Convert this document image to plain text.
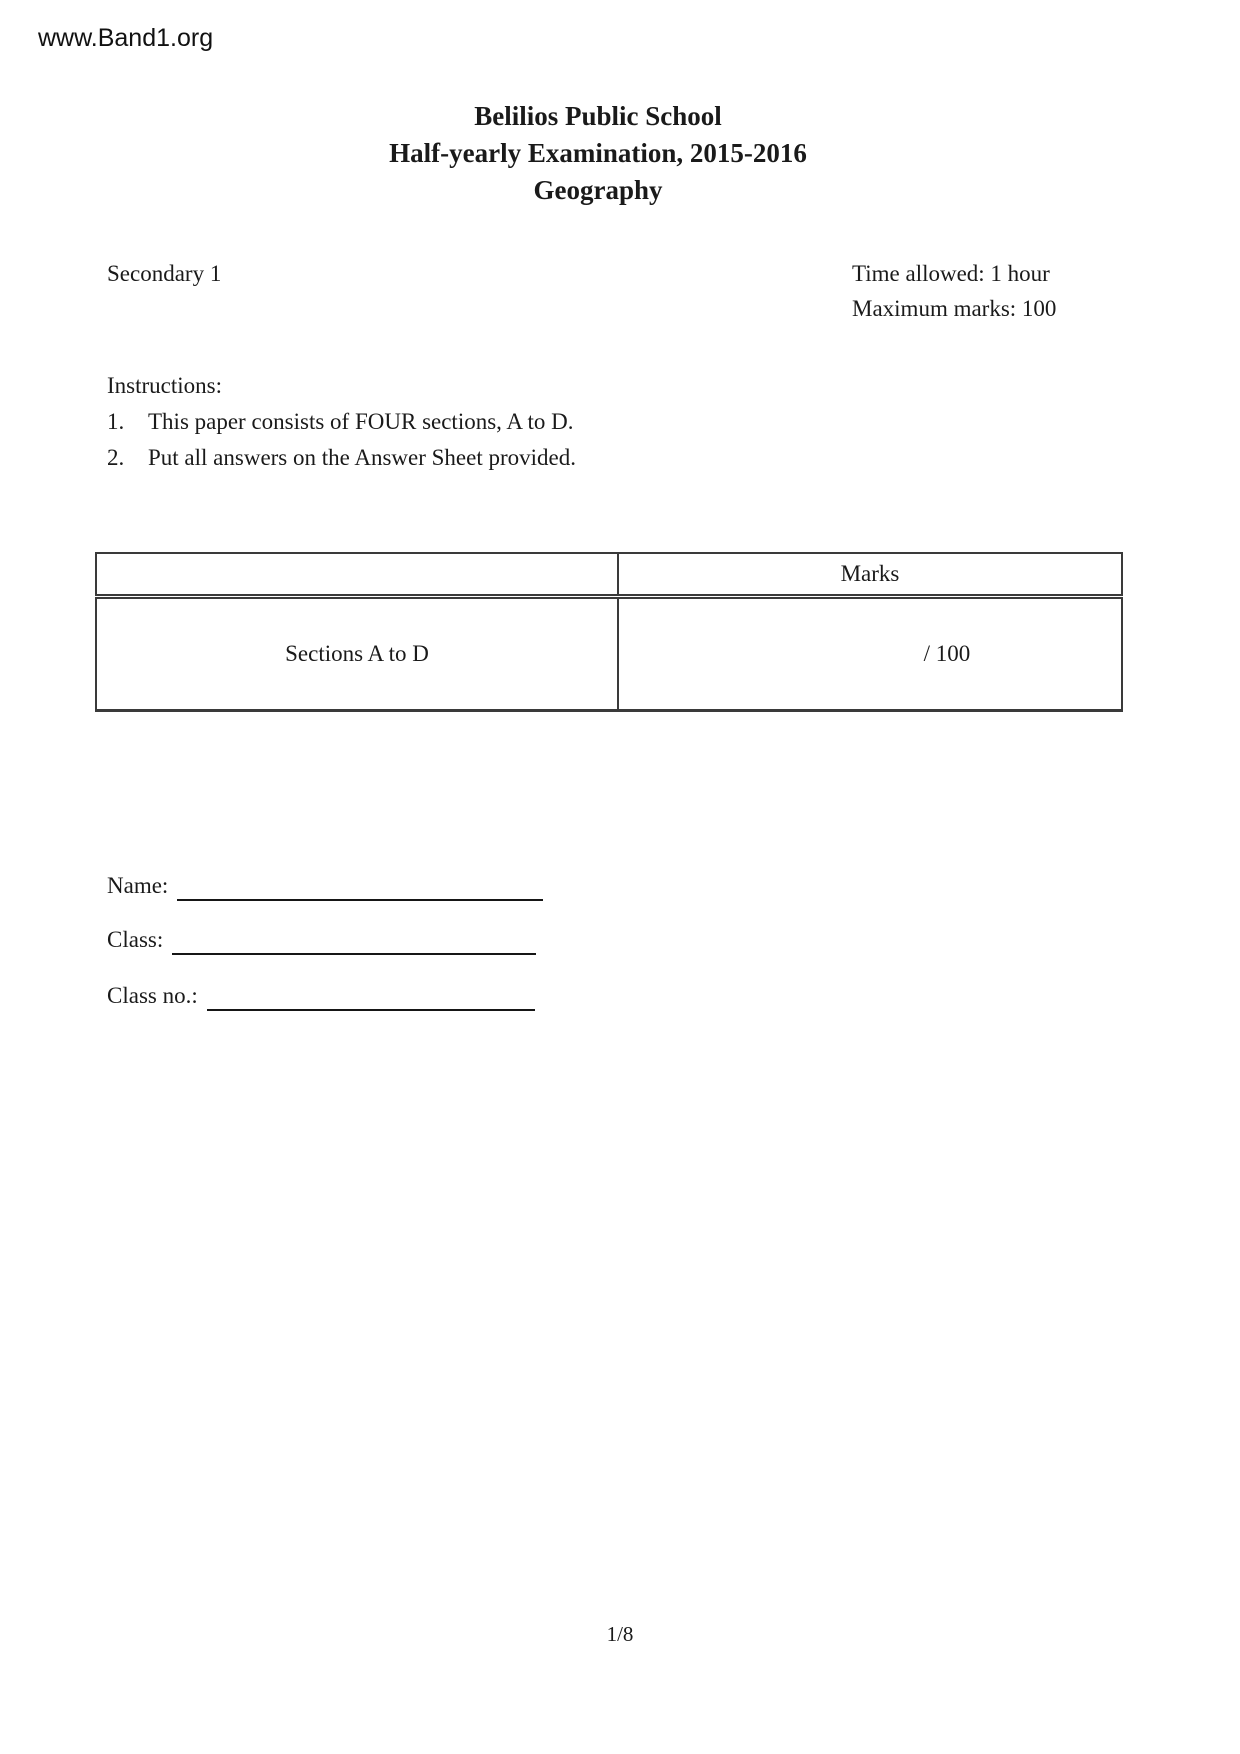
www.Band1.org
Belilios Public School
Half-yearly Examination, 2015-2016
Geography
Secondary 1	Time allowed: 1 hour
Maximum marks: 100
Instructions:
1.	This paper consists of FOUR sections, A to D.
2.	Put all answers on the Answer Sheet provided.
	Marks
Sections A to D	/ 100
Name:
Class:
Class no.:
1/8
